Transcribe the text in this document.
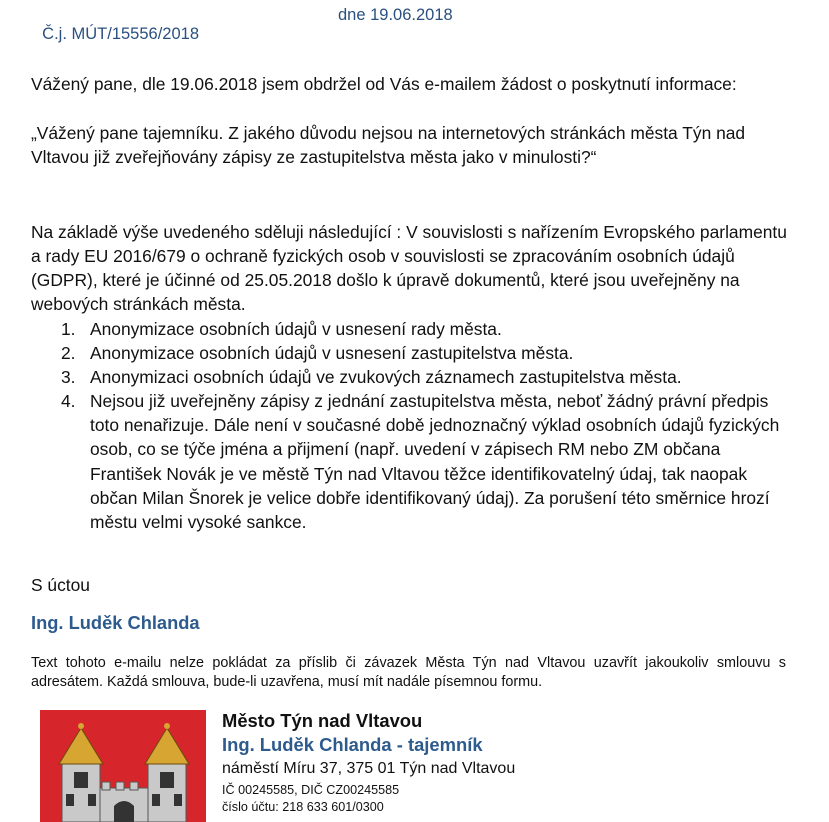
Č.j. MÚT/15556/2018

dne 19.06.2018

Vážený pane, dle 19.06.2018 jsem obdržel od Vás e-mailem žádost o poskytnutí informace:

„Vážený pane tajemníku. Z jakého důvodu nejsou na internetových stránkách města Týn nad Vltavou již zveřejňovány zápisy ze zastupitelstva města jako v minulosti?“

Na základě výše uvedeného sděluji následující : V souvislosti s nařízením Evropského parlamentu a rady EU 2016/679 o ochraně fyzických osob v souvislosti se zpracováním osobních údajů (GDPR), které je účinné od 25.05.2018 došlo k úpravě dokumentů, které jsou uveřejněny na webových stránkách města.

1. Anonymizace osobních údajů v usnesení rady města.
2. Anonymizace osobních údajů v usnesení zastupitelstva města.
3. Anonymizaci osobních údajů ve zvukových záznamech zastupitelstva města.
4. Nejsou již uveřejněny zápisy z jednání zastupitelstva města, neboť žádný právní předpis toto nenařizuje. Dále není v současné době jednoznačný výklad osobních údajů fyzických osob, co se týče jména a přijmení (např. uvedení v zápisech RM nebo ZM občana František Novák je ve městě Týn nad Vltavou těžce identifikovatelný údaj, tak naopak občan Milan Šnorek je velice dobře identifikovaný údaj). Za porušení této směrnice hrozí městu velmi vysoké sankce.

S úctou

Ing. Luděk Chlanda

Text tohoto e-mailu nelze pokládat za příslib či závazek Města Týn nad Vltavou uzavřít jakoukoliv smlouvu s adresátem. Každá smlouva, bude-li uzavřena, musí mít nadále písemnou formu.

Město Týn nad Vltavou
Ing. Luděk Chlanda - tajemník
náměstí Míru 37, 375 01 Týn nad Vltavou
IČ 00245585, DIČ CZ00245585
číslo účtu: 218 633 601/0300
